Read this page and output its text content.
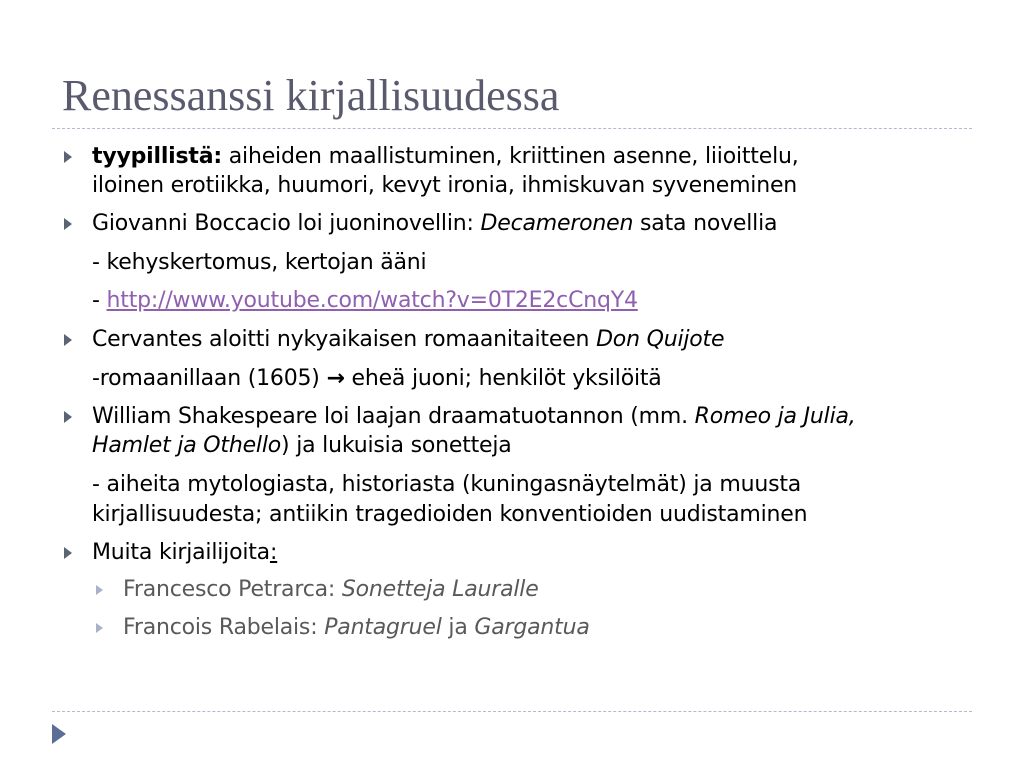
Renessanssi kirjallisuudessa
tyypillistä: aiheiden maallistuminen, kriittinen asenne, liioittelu,
iloinen erotiikka, huumori, kevyt ironia, ihmiskuvan syveneminen
Giovanni Boccacio loi juoninovellin: Decameronen sata novellia
- kehyskertomus, kertojan ääni
- http://www.youtube.com/watch?v=0T2E2cCnqY4
Cervantes aloitti nykyaikaisen romaanitaiteen Don Quijote
-romaanillaan (1605) → eheä juoni; henkilöt yksilöitä
William Shakespeare loi laajan draamatuotannon (mm. Romeo ja Julia,
Hamlet ja Othello) ja lukuisia sonetteja
- aiheita mytologiasta, historiasta (kuningasnäytelmät) ja muusta
kirjallisuudesta; antiikin tragedioiden konventioiden uudistaminen
Muita kirjailijoita:
Francesco Petrarca: Sonetteja Lauralle
Francois Rabelais: Pantagruel ja Gargantua
